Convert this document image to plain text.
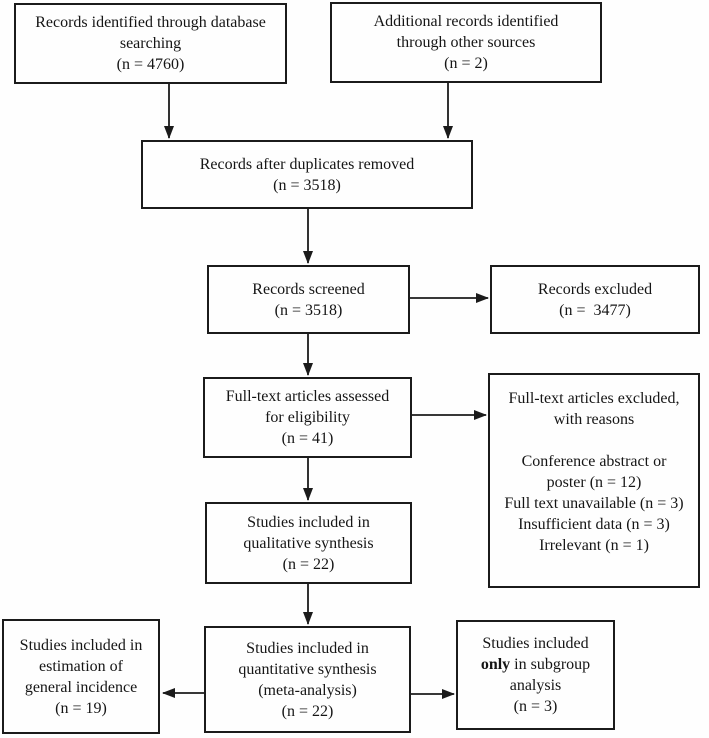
Records identified through database
searching
(n = 4760)
Additional records identified
through other sources
(n = 2)
Records after duplicates removed
(n = 3518)
Records screened
(n = 3518)
Records excluded
(n =  3477)
Full-text articles assessed
for eligibility
(n = 41)
Full-text articles excluded,
with reasons
Conference abstract or
poster (n = 12)
Full text unavailable (n = 3)
Insufficient data (n = 3)
Irrelevant (n = 1)
Studies included in
qualitative synthesis
(n = 22)
Studies included in
quantitative synthesis
(meta-analysis)
(n = 22)
Studies included in
estimation of
general incidence
(n = 19)
Studies included
only in subgroup
analysis
(n = 3)
